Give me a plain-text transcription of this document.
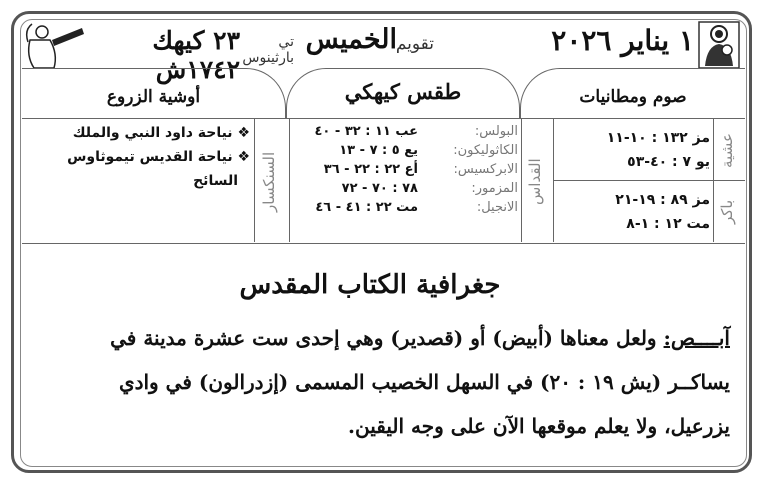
١ يناير ٢٠٢٦
تقويم
الخميس
تي بارثينوس
٢٣ كيهك ١٧٤٢ش
صوم ومطانيات
طقس كيهكي
أوشية الزروع
عشية
باكر
القداس
السنكسار
مز ١٣٢ : ١٠-١١
يو ٧ : ٤٠-٥٣
مز ٨٩ : ١٩-٢١
مت ١٢ : ١-٨
البولس:
الكاثوليكون:
الابركسيس:
المزمور:
الانجيل:
عب ١١ : ٣٢ - ٤٠
يع ٥ : ٧ - ١٣
أع ٢٢ : ٢٢ - ٣٦
٧٨ : ٧٠ - ٧٢
مت ٢٢ : ٤١ - ٤٦
❖ نياحة داود النبي والملك
❖ نياحة القديس تيموثاوس
السائح
جغرافية الكتاب المقدس
آبــــص: ولعل معناها (أبيض) أو (قصدير) وهي إحدى ست عشرة مدينة في
يساكــر (يش ١٩ : ٢٠) في السهل الخصيب المسمى (إزدرالون) في وادي
يزرعيل، ولا يعلم موقعها الآن على وجه اليقين.
